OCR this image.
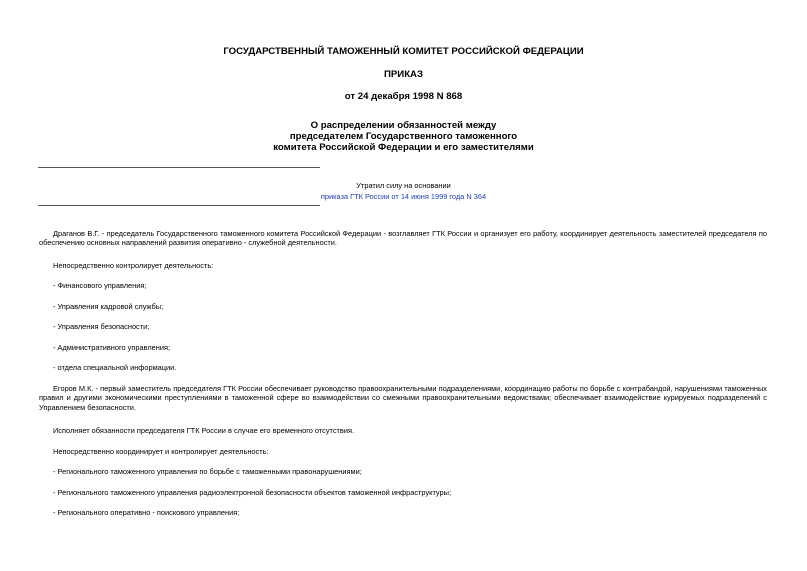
ГОСУДАРСТВЕННЫЙ ТАМОЖЕННЫЙ КОМИТЕТ РОССИЙСКОЙ ФЕДЕРАЦИИ
ПРИКАЗ
от 24 декабря 1998 N 868
О распределении обязанностей между
председателем Государственного таможенного
комитета Российской Федерации и его заместителями
Утратил силу на основании
приказа ГТК России от 14 июня 1999 года N 364
Драганов В.Г. - председатель Государственного таможенного комитета Российской Федерации - возглавляет ГТК России и организует его работу, координирует деятельность заместителей председателя по обеспечению основных направлений развития оперативно - служебной деятельности.
Непосредственно контролирует деятельность:
- Финансового управления;
- Управления кадровой службы;
- Управления безопасности;
- Административного управления;
- отдела специальной информации.
Егоров М.К. - первый заместитель председателя ГТК России обеспечивает руководство правоохранительными подразделениями, координацию работы по борьбе с контрабандой, нарушениями таможенных правил и другими экономическими преступлениями в таможенной сфере во взаимодействии со смежными правоохранительными ведомствами; обеспечивает взаимодействие курируемых подразделений с Управлением безопасности.
Исполняет обязанности председателя ГТК России в случае его временного отсутствия.
Непосредственно координирует и контролирует деятельность:
- Регионального таможенного управления по борьбе с таможенными правонарушениями;
- Регионального таможенного управления радиоэлектронной безопасности объектов таможенной инфраструктуры;
- Регионального оперативно - поискового управления;
